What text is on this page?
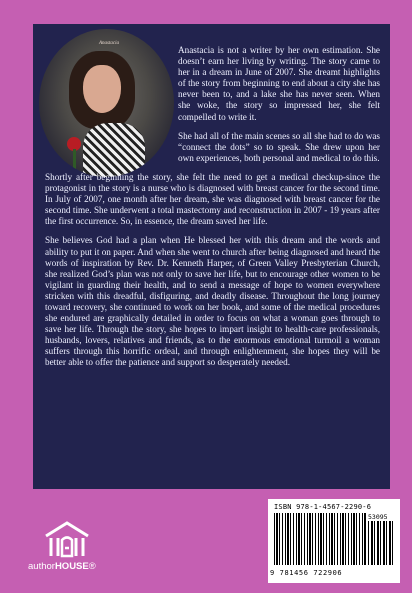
Anastacia

Anastacia is not a writer by her own estimation. She doesn’t earn her living by writing. The story came to her in a dream in June of 2007. She dreamt highlights of the story from beginning to end about a city she has never been to, and a lake she has never seen. When she woke, the story so impressed her, she felt compelled to write it.

She had all of the main scenes so all she had to do was “connect the dots” so to speak. She drew upon her own experiences, both personal and medical to do this.

Shortly after beginning the story, she felt the need to get a medical checkup-since the protagonist in the story is a nurse who is diagnosed with breast cancer for the second time. In July of 2007, one month after her dream, she was diagnosed with breast cancer for the second time. She underwent a total mastectomy and reconstruction in 2007 - 19 years after the first occurrence. So, in essence, the dream saved her life.

She believes God had a plan when He blessed her with this dream and the words and ability to put it on paper. And when she went to church after being diagnosed and heard the words of inspiration by Rev. Dr. Kenneth Harper, of Green Valley Presbyterian Church, she realized God’s plan was not only to save her life, but to encourage other women to be vigilant in guarding their health, and to send a message of hope to women everywhere stricken with this dreadful, disfiguring, and deadly disease. Throughout the long journey toward recovery, she continued to work on her book, and some of the medical procedures she endured are graphically detailed in order to focus on what a woman goes through to save her life. Through the story, she hopes to impart insight to health-care professionals, husbands, lovers, relatives and friends, as to the enormous emotional turmoil a woman suffers through this horrific ordeal, and through enlightenment, she hopes they will be better able to offer the patience and support so desperately needed.

authorHOUSE®
ISBN 978-1-4567-2290-6
53095
9 781456 722906
